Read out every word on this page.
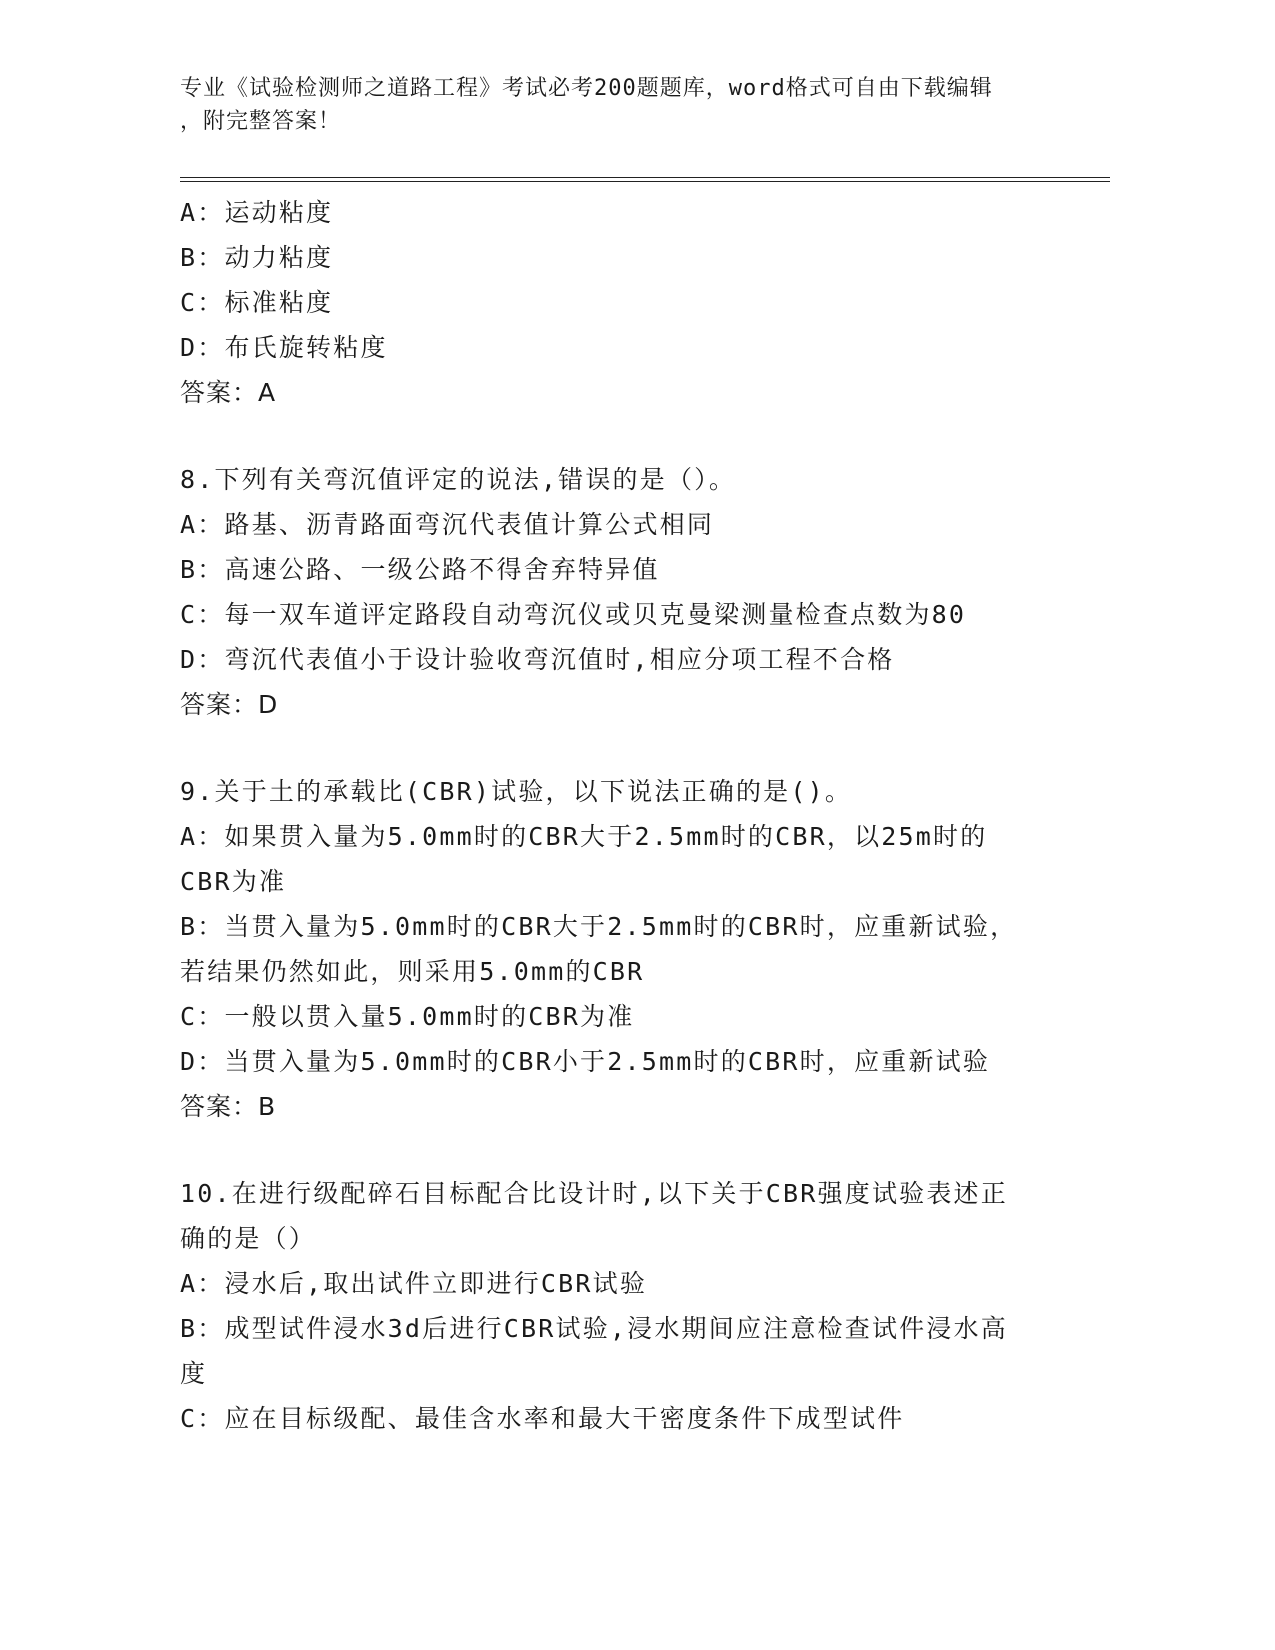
专业《试验检测师之道路工程》考试必考200题题库，word格式可自由下载编辑
，附完整答案！
A：运动粘度
B：动力粘度
C：标准粘度
D：布氏旋转粘度
答案：A
8.下列有关弯沉值评定的说法,错误的是（）。
A：路基、沥青路面弯沉代表值计算公式相同
B：高速公路、一级公路不得舍弃特异值
C：每一双车道评定路段自动弯沉仪或贝克曼梁测量检查点数为80
D：弯沉代表值小于设计验收弯沉值时,相应分项工程不合格
答案：D
9.关于土的承载比(CBR)试验，以下说法正确的是()。
A：如果贯入量为5.0mm时的CBR大于2.5mm时的CBR，以25m时的
CBR为准
B：当贯入量为5.0mm时的CBR大于2.5mm时的CBR时，应重新试验，
若结果仍然如此，则采用5.0mm的CBR
C：一般以贯入量5.0mm时的CBR为准
D：当贯入量为5.0mm时的CBR小于2.5mm时的CBR时，应重新试验
答案：B
10.在进行级配碎石目标配合比设计时,以下关于CBR强度试验表述正
确的是（）
A：浸水后,取出试件立即进行CBR试验
B：成型试件浸水3d后进行CBR试验,浸水期间应注意检查试件浸水高
度
C：应在目标级配、最佳含水率和最大干密度条件下成型试件
